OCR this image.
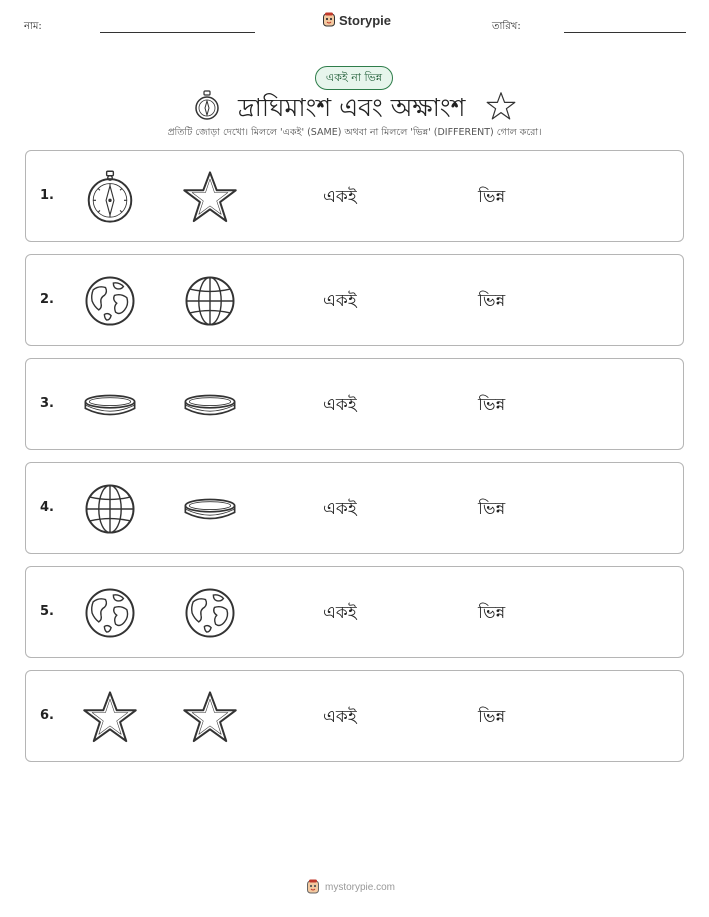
নাম:	Storypie	তারিখ:
একই না ভিন্ন
দ্রাঘিমাংশ এবং অক্ষাংশ
প্রতিটি জোড়া দেখো। মিললে 'একই' (SAME) অথবা না মিললে 'ভিন্ন' (DIFFERENT) গোল করো।
1.	একই	ভিন্ন
2.	একই	ভিন্ন
3.	একই	ভিন্ন
4.	একই	ভিন্ন
5.	একই	ভিন্ন
6.	একই	ভিন্ন
mystorypie.com
